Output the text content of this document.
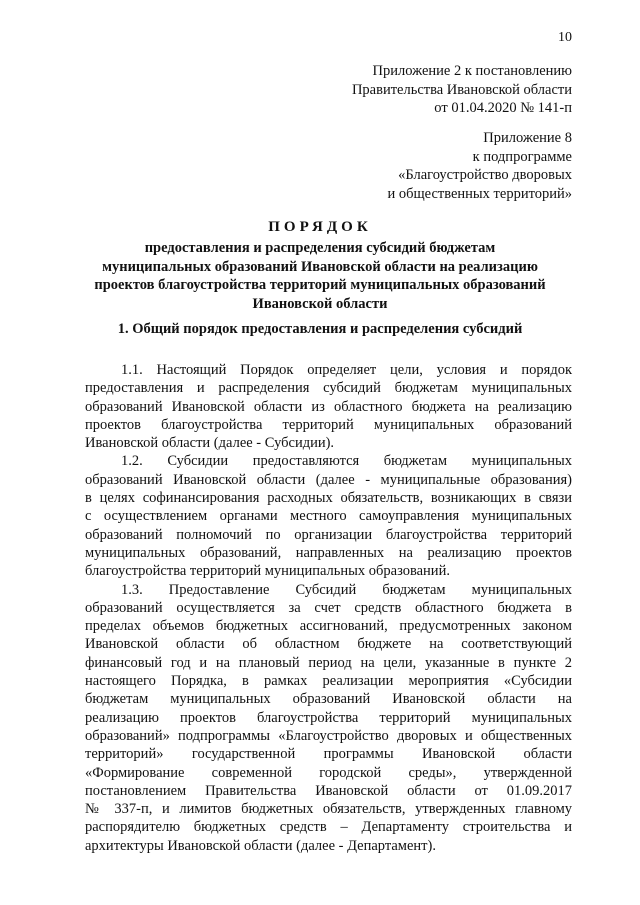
10
Приложение 2 к постановлению
Правительства Ивановской области
от 01.04.2020 № 141-п
Приложение 8
к подпрограмме
«Благоустройство дворовых
и общественных территорий»
ПОРЯДОК
предоставления и распределения субсидий бюджетам
муниципальных образований Ивановской области на реализацию
проектов благоустройства территорий муниципальных образований
Ивановской области
1. Общий порядок предоставления и распределения субсидий
1.1. Настоящий Порядок определяет цели, условия и порядок
предоставления и распределения субсидий бюджетам муниципальных
образований Ивановской области из областного бюджета на реализацию
проектов благоустройства территорий муниципальных образований
Ивановской области (далее - Субсидии).
1.2. Субсидии предоставляются бюджетам муниципальных
образований Ивановской области (далее - муниципальные образования)
в целях софинансирования расходных обязательств, возникающих в связи
с осуществлением органами местного самоуправления муниципальных
образований полномочий по организации благоустройства территорий
муниципальных образований, направленных на реализацию проектов
благоустройства территорий муниципальных образований.
1.3. Предоставление Субсидий бюджетам муниципальных
образований осуществляется за счет средств областного бюджета в
пределах объемов бюджетных ассигнований, предусмотренных законом
Ивановской области об областном бюджете на соответствующий
финансовый год и на плановый период на цели, указанные в пункте 2
настоящего Порядка, в рамках реализации мероприятия «Субсидии
бюджетам муниципальных образований Ивановской области на
реализацию проектов благоустройства территорий муниципальных
образований» подпрограммы «Благоустройство дворовых и общественных
территорий» государственной программы Ивановской области
«Формирование современной городской среды», утвержденной
постановлением Правительства Ивановской области от 01.09.2017
№ 337-п, и лимитов бюджетных обязательств, утвержденных главному
распорядителю бюджетных средств – Департаменту строительства и
архитектуры Ивановской области (далее - Департамент).
